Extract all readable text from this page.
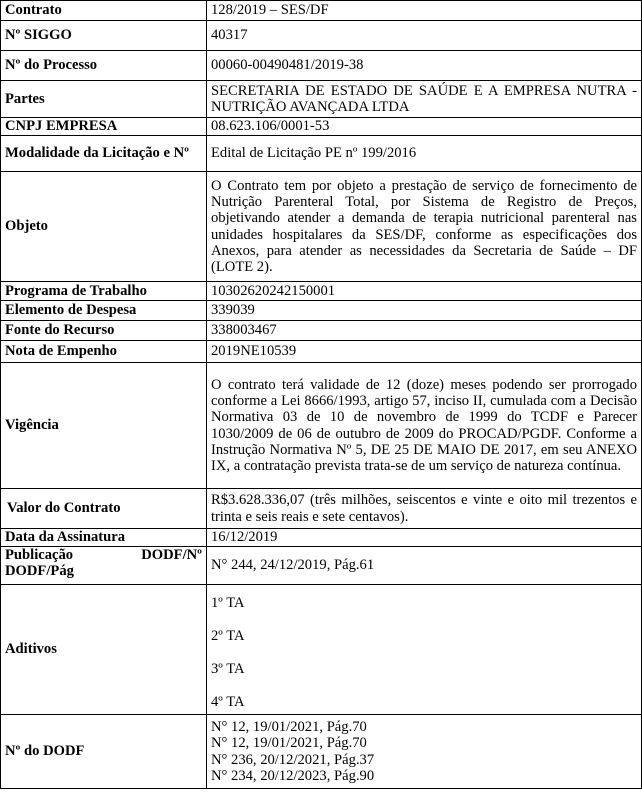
Contrato	128/2019 – SES/DF
Nº SIGGO	40317
Nº do Processo	00060-00490481/2019-38
Partes	SECRETARIA DE ESTADO DE SAÚDE E A EMPRESA NUTRA - NUTRIÇÃO AVANÇADA LTDA
CNPJ EMPRESA	08.623.106/0001-53
Modalidade da Licitação e Nº	Edital de Licitação PE nº 199/2016
Objeto	O Contrato tem por objeto a prestação de serviço de fornecimento de Nutrição Parenteral Total, por Sistema de Registro de Preços, objetivando atender a demanda de terapia nutricional parenteral nas unidades hospitalares da SES/DF, conforme as especificações dos Anexos, para atender as necessidades da Secretaria de Saúde – DF (LOTE 2).
Programa de Trabalho	10302620242150001
Elemento de Despesa	339039
Fonte do Recurso	338003467
Nota de Empenho	2019NE10539
Vigência	O contrato terá validade de 12 (doze) meses podendo ser prorrogado conforme a Lei 8666/1993, artigo 57, inciso II, cumulada com a Decisão Normativa 03 de 10 de novembro de 1999 do TCDF e Parecer 1030/2009 de 06 de outubro de 2009 do PROCAD/PGDF. Conforme a Instrução Normativa Nº 5, DE 25 DE MAIO DE 2017, em seu ANEXO IX, a contratação prevista trata-se de um serviço de natureza contínua.
Valor do Contrato	R$3.628.336,07 (três milhões, seiscentos e vinte e oito mil trezentos e trinta e seis reais e sete centavos).
Data da Assinatura	16/12/2019

Publicação DODF/Nº
DODF/Pág	N° 244, 24/12/2019, Pág.61
Aditivos	1º TA
2º TA
3º TA
4º TA

Nº do DODF	N° 12, 19/01/2021, Pág.70
N° 12, 19/01/2021, Pág.70
N° 236, 20/12/2021, Pág.37
N° 234, 20/12/2023, Pág.90
